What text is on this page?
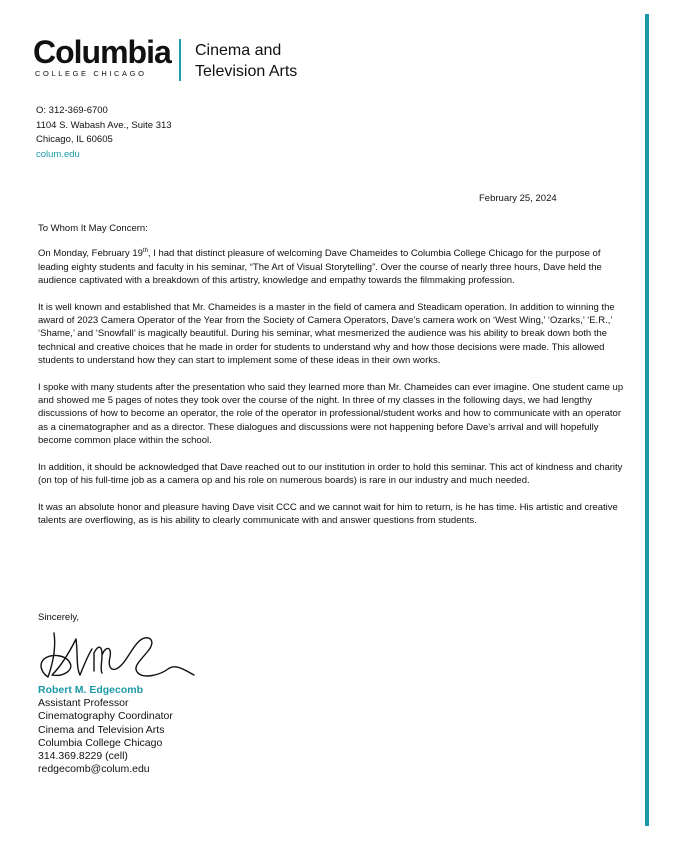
Columbia
COLLEGE CHICAGO
Cinema and
Television Arts
O: 312-369-6700
1104 S. Wabash Ave., Suite 313
Chicago, IL 60605
colum.edu
February 25, 2024

To Whom It May Concern:

On Monday, February 19th, I had that distinct pleasure of welcoming Dave Chameides to Columbia College Chicago for the purpose of leading eighty students and faculty in his seminar, “The Art of Visual Storytelling”. Over the course of nearly three hours, Dave held the audience captivated with a breakdown of this artistry, knowledge and empathy towards the filmmaking profession.

It is well known and established that Mr. Chameides is a master in the field of camera and Steadicam operation. In addition to winning the award of 2023 Camera Operator of the Year from the Society of Camera Operators, Dave’s camera work on ‘West Wing,’ ‘Ozarks,’ ‘E.R.,’ ‘Shame,’ and ‘Snowfall’ is magically beautiful. During his seminar, what mesmerized the audience was his ability to break down both the technical and creative choices that he made in order for students to understand why and how those decisions were made. This allowed students to understand how they can start to implement some of these ideas in their own works.

I spoke with many students after the presentation who said they learned more than Mr. Chameides can ever imagine. One student came up and showed me 5 pages of notes they took over the course of the night. In three of my classes in the following days, we had lengthy discussions of how to become an operator, the role of the operator in professional/student works and how to communicate with an operator as a cinematographer and as a director. These dialogues and discussions were not happening before Dave’s arrival and will hopefully become common place within the school.

In addition, it should be acknowledged that Dave reached out to our institution in order to hold this seminar. This act of kindness and charity (on top of his full-time job as a camera op and his role on numerous boards) is rare in our industry and much needed.

It was an absolute honor and pleasure having Dave visit CCC and we cannot wait for him to return, is he has time. His artistic and creative talents are overflowing, as is his ability to clearly communicate with and answer questions from students.

Sincerely,
Robert M. Edgecomb
Assistant Professor
Cinematography Coordinator
Cinema and Television Arts
Columbia College Chicago
314.369.8229 (cell)
redgecomb@colum.edu
